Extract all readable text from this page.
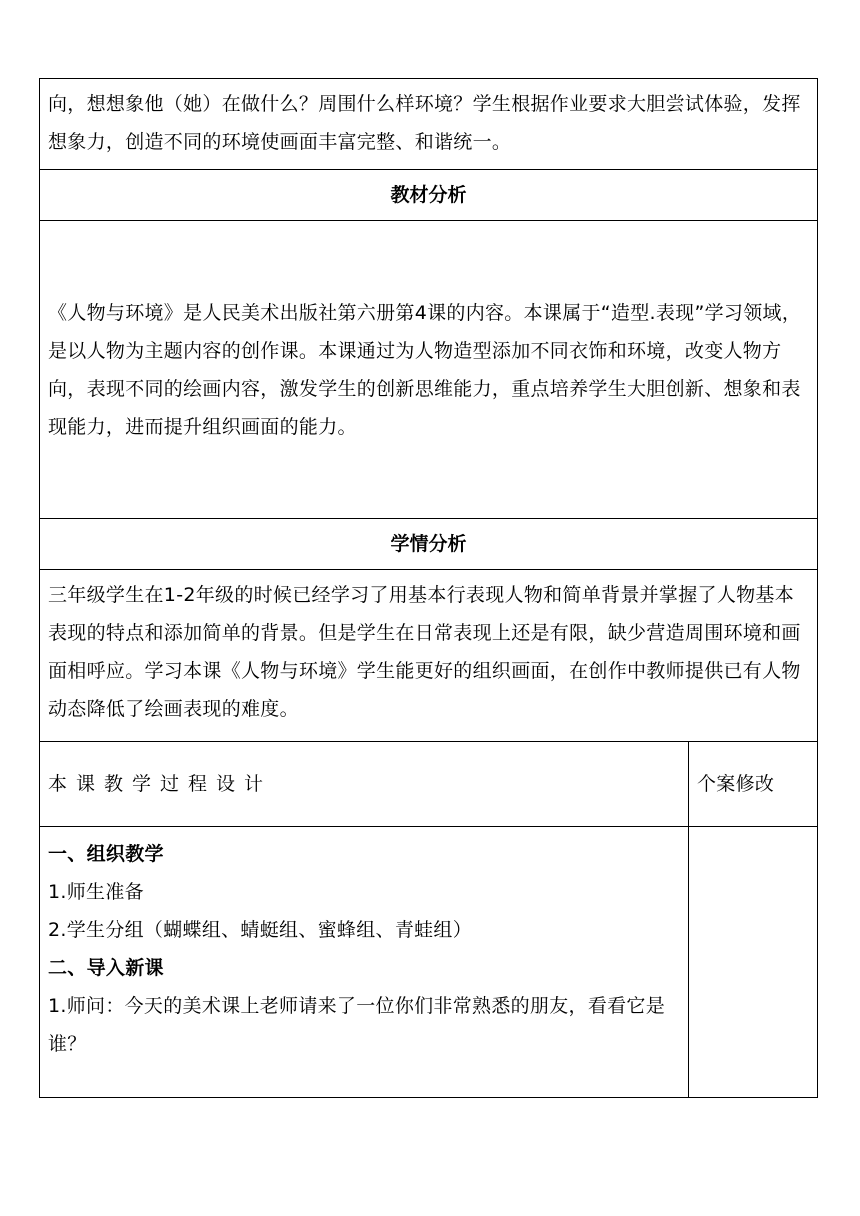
向，想想象他（她）在做什么？周围什么样环境？学生根据作业要求大胆尝试体验，发挥想象力，创造不同的环境使画面丰富完整、和谐统一。	
教材分析	
《人物与环境》是人民美术出版社第六册第4课的内容。本课属于“造型.表现”学习领域，是以人物为主题内容的创作课。本课通过为人物造型添加不同衣饰和环境，改变人物方向，表现不同的绘画内容，激发学生的创新思维能力，重点培养学生大胆创新、想象和表现能力，进而提升组织画面的能力。	
学情分析	
三年级学生在1-2年级的时候已经学习了用基本行表现人物和简单背景并掌握了人物基本表现的特点和添加简单的背景。但是学生在日常表现上还是有限，缺少营造周围环境和画面相呼应。学习本课《人物与环境》学生能更好的组织画面，在创作中教师提供已有人物动态降低了绘画表现的难度。	
本课教学过程设计	个案修改

一、组织教学

1.师生准备

2.学生分组（蝴蝶组、蜻蜓组、蜜蜂组、青蛙组）

二、导入新课

1.师问：今天的美术课上老师请来了一位你们非常熟悉的朋友，看看它是谁？	
